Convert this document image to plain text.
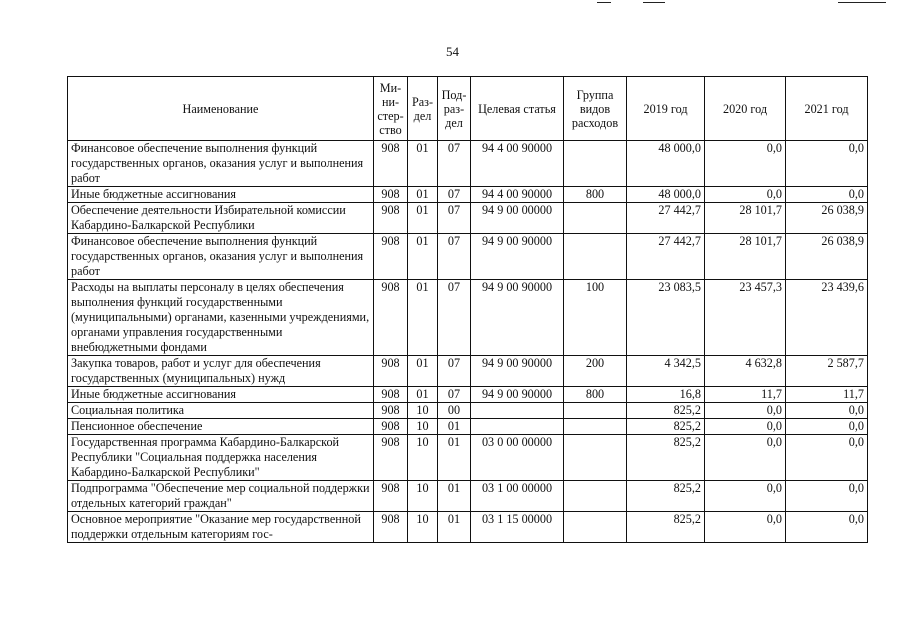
54
Наименование	Ми-ни-стер-ство	Раз-дел	Под-раз-дел	Целевая статья	Группа видов расходов	2019 год	2020 год	2021 год
Финансовое обеспечение выполнения функций государственных органов, оказания услуг и выполнения работ	908	01	07	94 4 00 90000		48 000,0	0,0	0,0
Иные бюджетные ассигнования	908	01	07	94 4 00 90000	800	48 000,0	0,0	0,0
Обеспечение деятельности Избирательной комиссии Кабардино-Балкарской Республики	908	01	07	94 9 00 00000		27 442,7	28 101,7	26 038,9
Финансовое обеспечение выполнения функций государственных органов, оказания услуг и выполнения работ	908	01	07	94 9 00 90000		27 442,7	28 101,7	26 038,9
Расходы на выплаты персоналу в целях обеспечения выполнения функций государственными (муниципальными) органами, казенными учреждениями, органами управления государственными внебюджетными фондами	908	01	07	94 9 00 90000	100	23 083,5	23 457,3	23 439,6
Закупка товаров, работ и услуг для обеспечения государственных (муниципальных) нужд	908	01	07	94 9 00 90000	200	4 342,5	4 632,8	2 587,7
Иные бюджетные ассигнования	908	01	07	94 9 00 90000	800	16,8	11,7	11,7
Социальная политика	908	10	00			825,2	0,0	0,0
Пенсионное обеспечение	908	10	01			825,2	0,0	0,0
Государственная программа Кабардино-Балкарской Республики "Социальная поддержка населения Кабардино-Балкарской Республики"	908	10	01	03 0 00 00000		825,2	0,0	0,0
Подпрограмма "Обеспечение мер социальной поддержки отдельных категорий граждан"	908	10	01	03 1 00 00000		825,2	0,0	0,0
Основное мероприятие "Оказание мер государственной поддержки отдельным категориям гос-	908	10	01	03 1 15 00000		825,2	0,0	0,0
